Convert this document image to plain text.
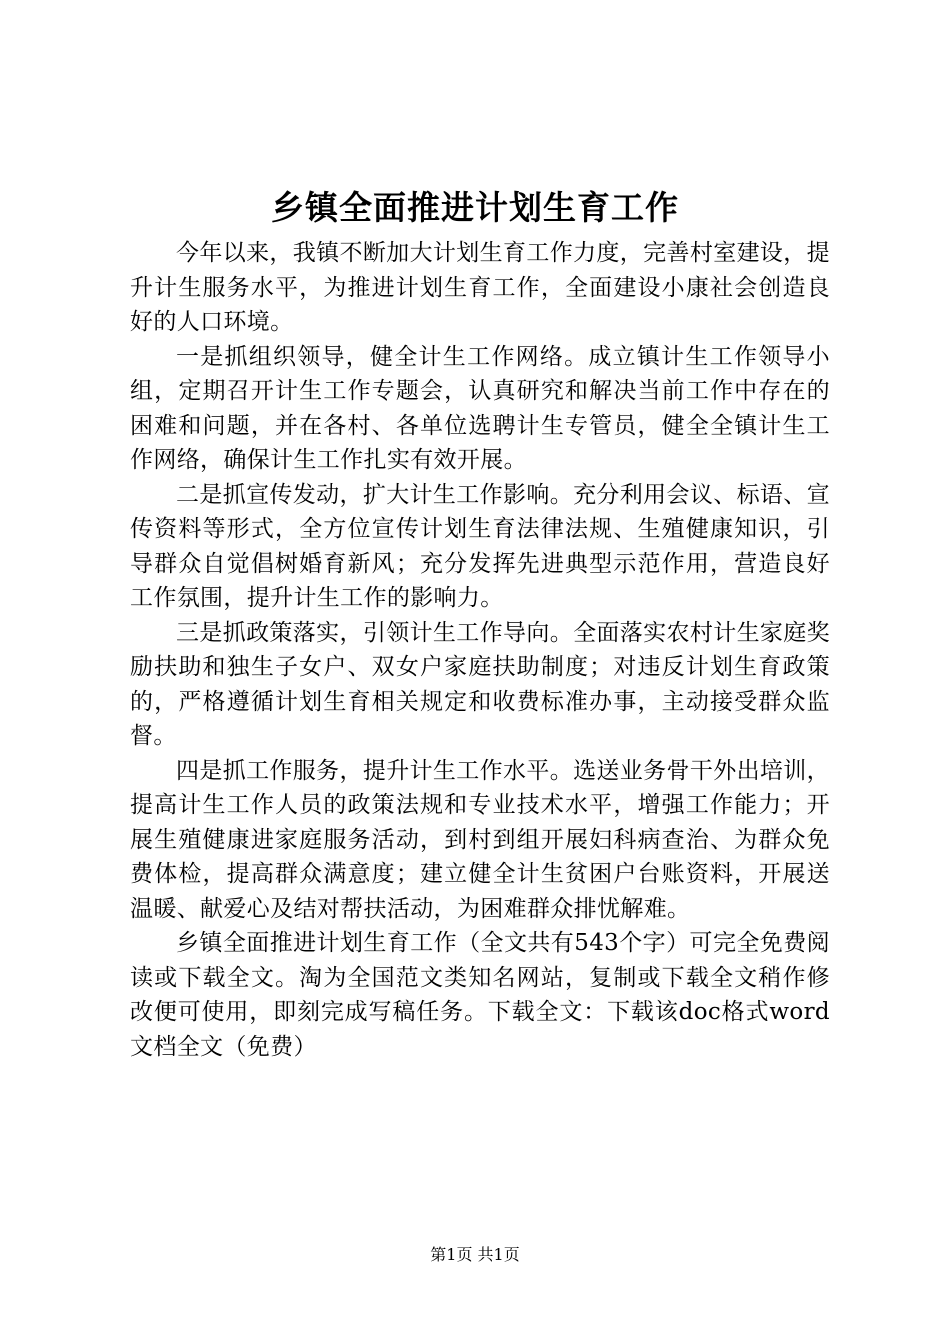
乡镇全面推进计划生育工作

今年以来，我镇不断加大计划生育工作力度，完善村室建设，提升计生服务水平，为推进计划生育工作，全面建设小康社会创造良好的人口环境。

一是抓组织领导，健全计生工作网络。成立镇计生工作领导小组，定期召开计生工作专题会，认真研究和解决当前工作中存在的困难和问题，并在各村、各单位选聘计生专管员，健全全镇计生工作网络，确保计生工作扎实有效开展。

二是抓宣传发动，扩大计生工作影响。充分利用会议、标语、宣传资料等形式，全方位宣传计划生育法律法规、生殖健康知识，引导群众自觉倡树婚育新风；充分发挥先进典型示范作用，营造良好工作氛围，提升计生工作的影响力。

三是抓政策落实，引领计生工作导向。全面落实农村计生家庭奖励扶助和独生子女户、双女户家庭扶助制度；对违反计划生育政策的，严格遵循计划生育相关规定和收费标准办事，主动接受群众监督。

四是抓工作服务，提升计生工作水平。选送业务骨干外出培训，提高计生工作人员的政策法规和专业技术水平，增强工作能力；开展生殖健康进家庭服务活动，到村到组开展妇科病查治、为群众免费体检，提高群众满意度；建立健全计生贫困户台账资料，开展送温暖、献爱心及结对帮扶活动，为困难群众排忧解难。

乡镇全面推进计划生育工作（全文共有543个字）可完全免费阅读或下载全文。淘为全国范文类知名网站，复制或下载全文稍作修改便可使用，即刻完成写稿任务。下载全文：下载该doc格式word文档全文（免费）

第1页 共1页
